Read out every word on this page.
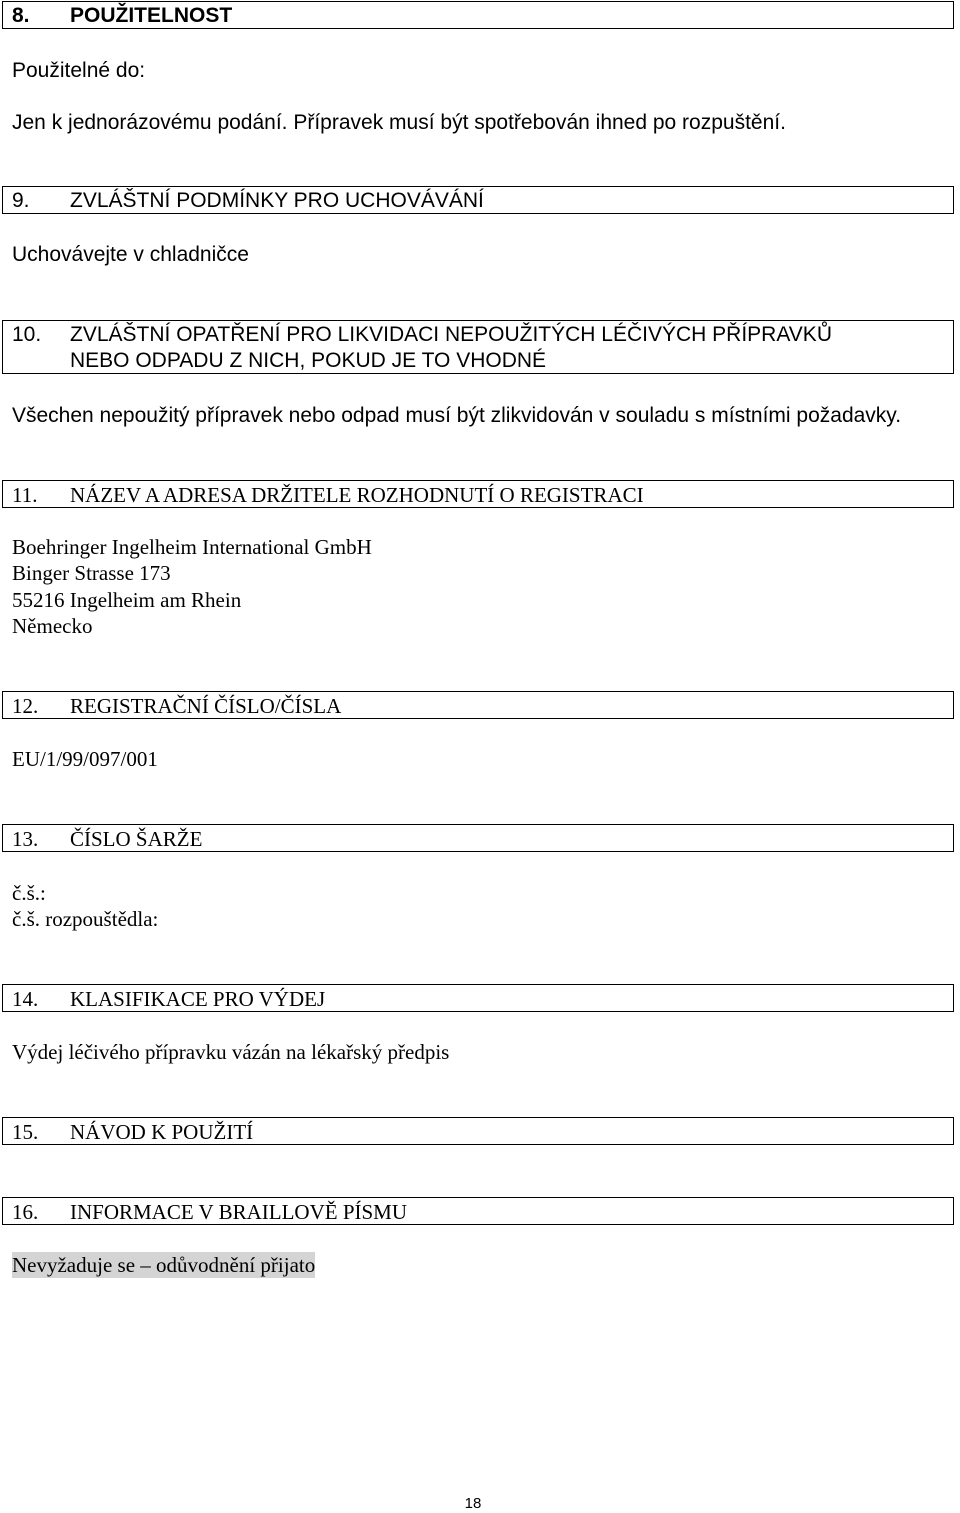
8. POUŽITELNOST
Použitelné do:
Jen k jednorázovému podání. Přípravek musí být spotřebován ihned po rozpuštění.
9. ZVLÁŠTNÍ PODMÍNKY PRO UCHOVÁVÁNÍ
Uchovávejte v chladničce
10. ZVLÁŠTNÍ OPATŘENÍ PRO LIKVIDACI NEPOUŽITÝCH LÉČIVÝCH PŘÍPRAVKŮ
NEBO ODPADU Z NICH, POKUD JE TO VHODNÉ
Všechen nepoužitý přípravek nebo odpad musí být zlikvidován v souladu s místními požadavky.
11. NÁZEV A ADRESA DRŽITELE ROZHODNUTÍ O REGISTRACI
Boehringer Ingelheim International GmbH
Binger Strasse 173
55216 Ingelheim am Rhein
Německo
12. REGISTRAČNÍ ČÍSLO/ČÍSLA
EU/1/99/097/001
13. ČÍSLO ŠARŽE
č.š.:
č.š. rozpouštědla:
14. KLASIFIKACE PRO VÝDEJ
Výdej léčivého přípravku vázán na lékařský předpis
15. NÁVOD K POUŽITÍ
16. INFORMACE V BRAILLOVĚ PÍSMU
Nevyžaduje se – odůvodnění přijato
18
